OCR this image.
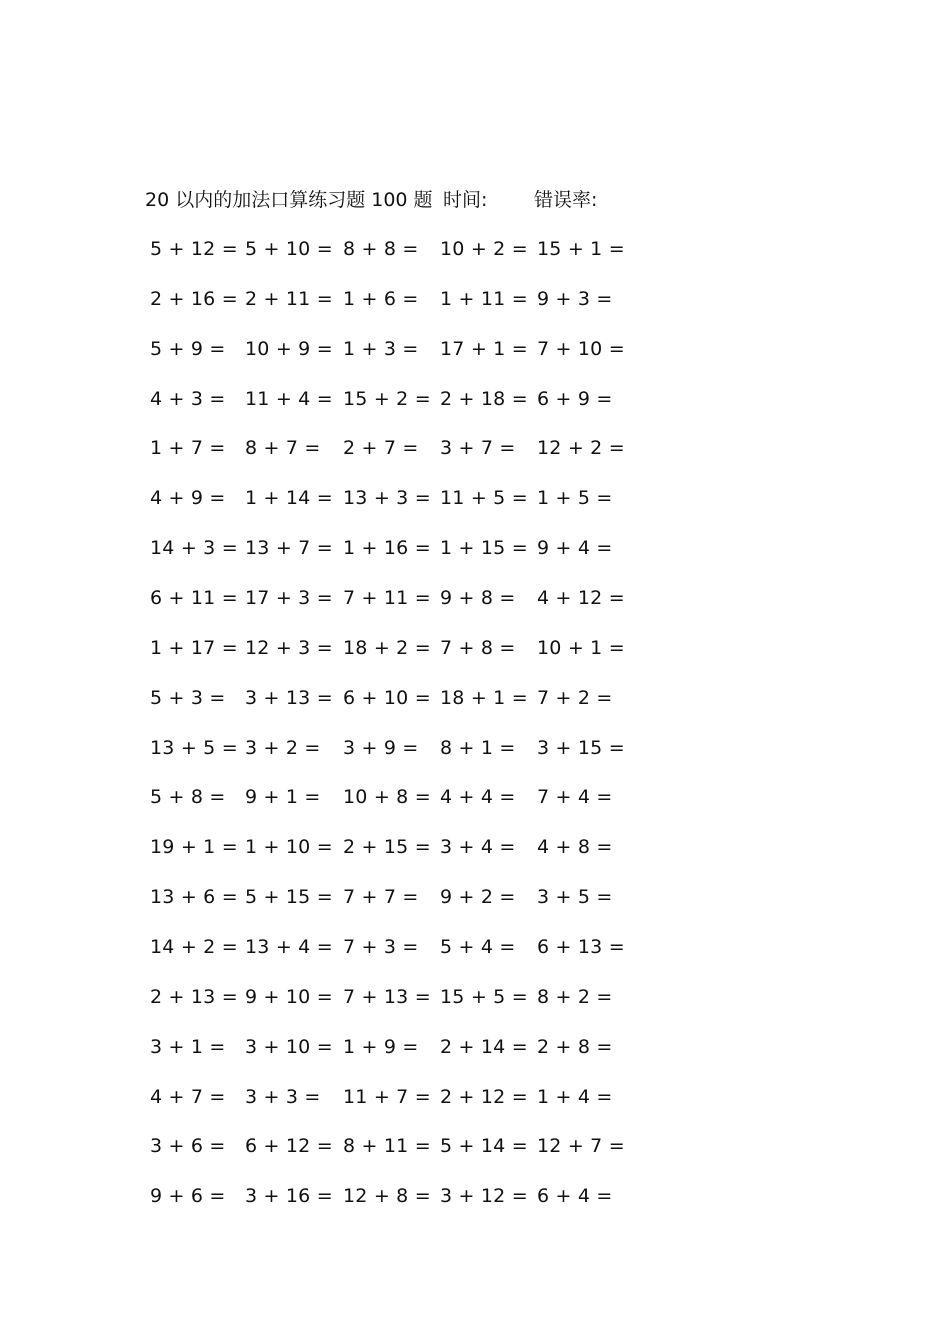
20 以内的加法口算练习题 100 题 时间: 错误率:
5 + 12 = 5 + 10 = 8 + 8 = 10 + 2 = 15 + 1 =
2 + 16 = 2 + 11 = 1 + 6 = 1 + 11 = 9 + 3 =
5 + 9 = 10 + 9 = 1 + 3 = 17 + 1 = 7 + 10 =
4 + 3 = 11 + 4 = 15 + 2 = 2 + 18 = 6 + 9 =
1 + 7 = 8 + 7 = 2 + 7 = 3 + 7 = 12 + 2 =
4 + 9 = 1 + 14 = 13 + 3 = 11 + 5 = 1 + 5 =
14 + 3 = 13 + 7 = 1 + 16 = 1 + 15 = 9 + 4 =
6 + 11 = 17 + 3 = 7 + 11 = 9 + 8 = 4 + 12 =
1 + 17 = 12 + 3 = 18 + 2 = 7 + 8 = 10 + 1 =
5 + 3 = 3 + 13 = 6 + 10 = 18 + 1 = 7 + 2 =
13 + 5 = 3 + 2 = 3 + 9 = 8 + 1 = 3 + 15 =
5 + 8 = 9 + 1 = 10 + 8 = 4 + 4 = 7 + 4 =
19 + 1 = 1 + 10 = 2 + 15 = 3 + 4 = 4 + 8 =
13 + 6 = 5 + 15 = 7 + 7 = 9 + 2 = 3 + 5 =
14 + 2 = 13 + 4 = 7 + 3 = 5 + 4 = 6 + 13 =
2 + 13 = 9 + 10 = 7 + 13 = 15 + 5 = 8 + 2 =
3 + 1 = 3 + 10 = 1 + 9 = 2 + 14 = 2 + 8 =
4 + 7 = 3 + 3 = 11 + 7 = 2 + 12 = 1 + 4 =
3 + 6 = 6 + 12 = 8 + 11 = 5 + 14 = 12 + 7 =
9 + 6 = 3 + 16 = 12 + 8 = 3 + 12 = 6 + 4 =
